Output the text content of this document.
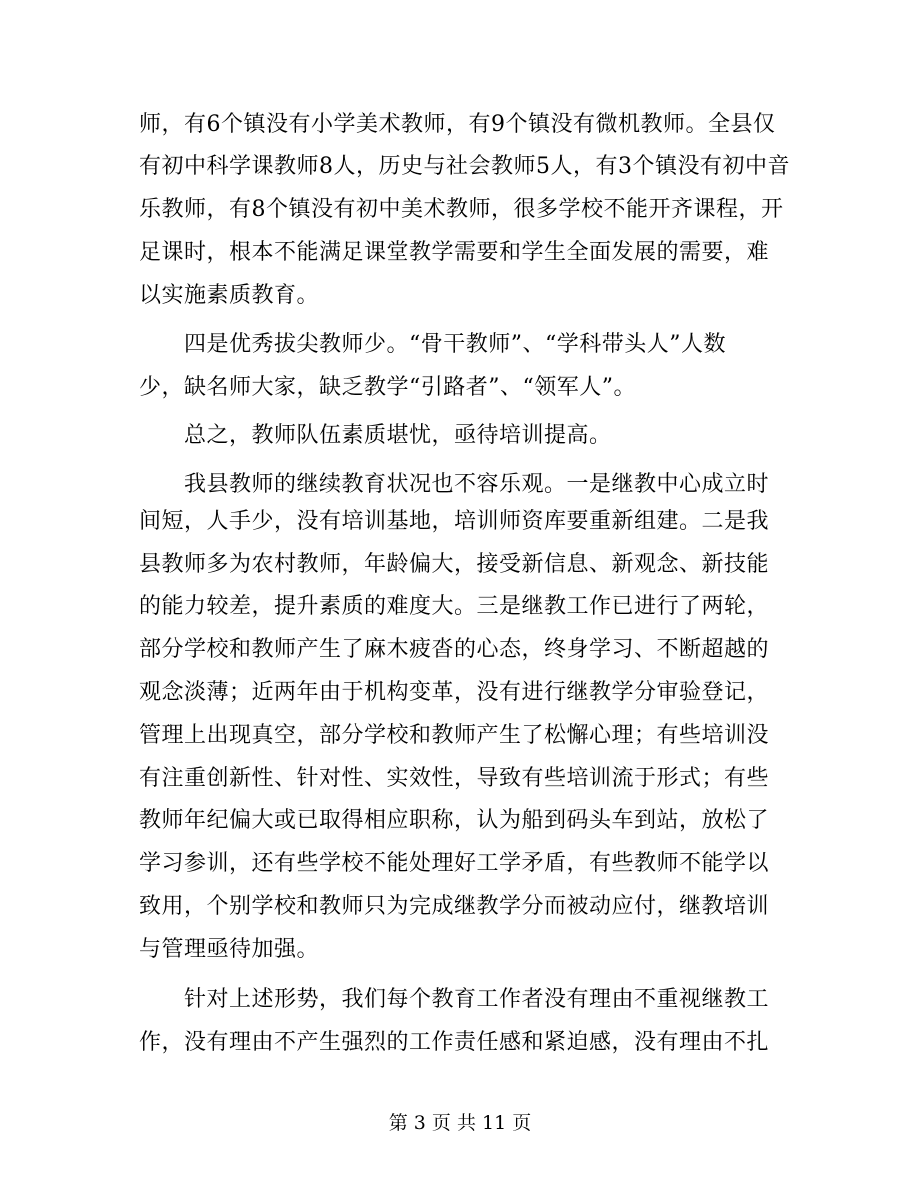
师，有6个镇没有小学美术教师，有9个镇没有微机教师。全县仅
有初中科学课教师8人，历史与社会教师5人，有3个镇没有初中音
乐教师，有8个镇没有初中美术教师，很多学校不能开齐课程，开
足课时，根本不能满足课堂教学需要和学生全面发展的需要，难
以实施素质教育。
　　四是优秀拔尖教师少。“骨干教师”、“学科带头人”人数
少，缺名师大家，缺乏教学“引路者”、“领军人”。
　　总之，教师队伍素质堪忧，亟待培训提高。
　　我县教师的继续教育状况也不容乐观。一是继教中心成立时
间短，人手少，没有培训基地，培训师资库要重新组建。二是我
县教师多为农村教师，年龄偏大，接受新信息、新观念、新技能
的能力较差，提升素质的难度大。三是继教工作已进行了两轮，
部分学校和教师产生了麻木疲沓的心态，终身学习、不断超越的
观念淡薄；近两年由于机构变革，没有进行继教学分审验登记，
管理上出现真空，部分学校和教师产生了松懈心理；有些培训没
有注重创新性、针对性、实效性，导致有些培训流于形式；有些
教师年纪偏大或已取得相应职称，认为船到码头车到站，放松了
学习参训，还有些学校不能处理好工学矛盾，有些教师不能学以
致用，个别学校和教师只为完成继教学分而被动应付，继教培训
与管理亟待加强。
　　针对上述形势，我们每个教育工作者没有理由不重视继教工
作，没有理由不产生强烈的工作责任感和紧迫感，没有理由不扎
第 3 页 共 11 页
